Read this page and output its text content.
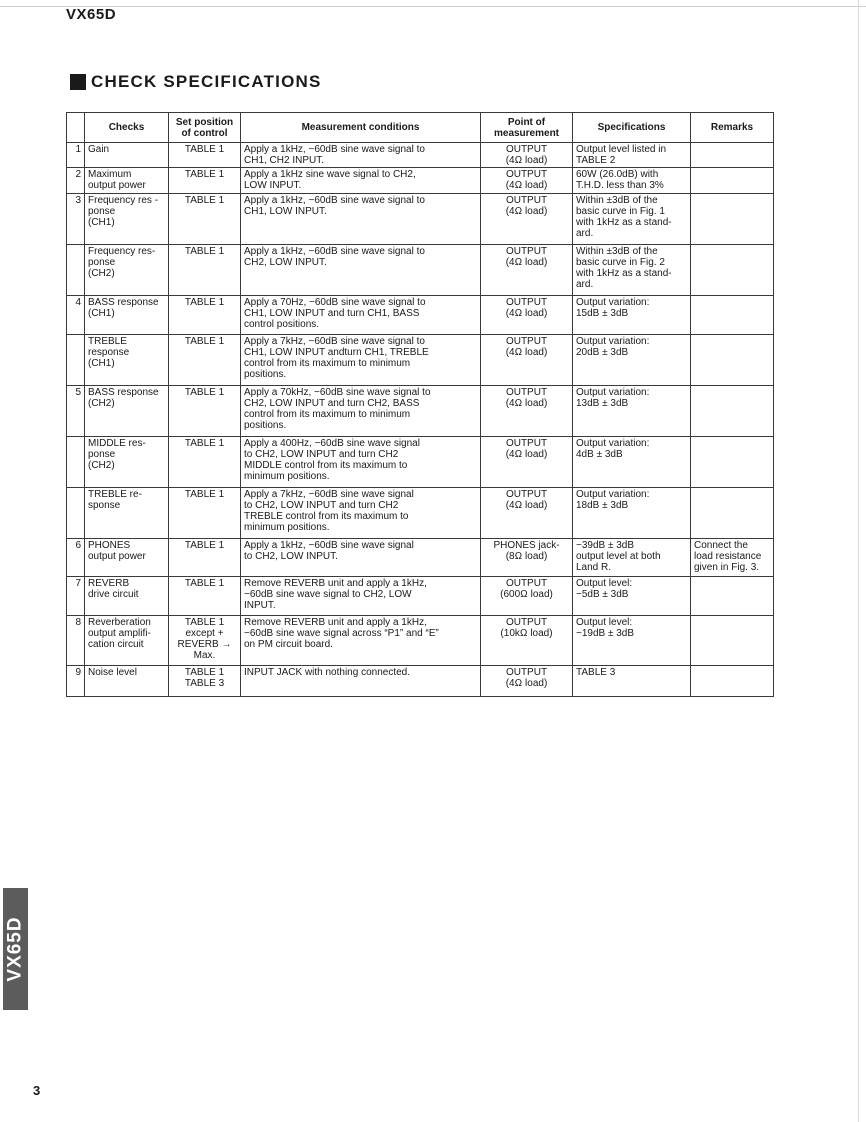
VX65D
CHECK SPECIFICATIONS
	Checks	Set position of control	Measurement conditions	Point of measurement	Specifications	Remarks
1	Gain	TABLE 1	Apply a 1kHz, −60dB sine wave signal to
CH1, CH2 INPUT.	OUTPUT
(4Ω load)	Output level listed in
TABLE 2	

2	Maximum
output power	TABLE 1	Apply a 1kHz sine wave signal to CH2,
LOW INPUT.	OUTPUT
(4Ω load)	60W (26.0dB) with
T.H.D. less than 3%	

3	Frequency res -
ponse
(CH1)	TABLE 1	Apply a 1kHz, −60dB sine wave signal to
CH1, LOW INPUT.	OUTPUT
(4Ω load)	Within ±3dB of the
basic curve in Fig. 1
with 1kHz as a stand-
ard.	

	Frequency res-
ponse
(CH2)	TABLE 1	Apply a 1kHz, −60dB sine wave signal to
CH2, LOW INPUT.	OUTPUT
(4Ω load)	Within ±3dB of the
basic curve in Fig. 2
with 1kHz as a stand-
ard.	

4	BASS response
(CH1)	TABLE 1	Apply a 70Hz, −60dB sine wave signal to
CH1, LOW INPUT and turn CH1, BASS
control positions.	OUTPUT
(4Ω load)	Output variation:
15dB ± 3dB	

	TREBLE
response
(CH1)	TABLE 1	Apply a 7kHz, −60dB sine wave signal to
CH1, LOW INPUT andturn CH1, TREBLE
control from its maximum to minimum
positions.	OUTPUT
(4Ω load)	Output variation:
20dB ± 3dB	

5	BASS response
(CH2)	TABLE 1	Apply a 70kHz, −60dB sine wave signal to
CH2, LOW INPUT and turn CH2, BASS
control from its maximum to minimum
positions.	OUTPUT
(4Ω load)	Output variation:
13dB ± 3dB	

	MIDDLE res-
ponse
(CH2)	TABLE 1	Apply a 400Hz, −60dB sine wave signal
to CH2, LOW INPUT and turn CH2
MIDDLE control from its maximum to
minimum positions.	OUTPUT
(4Ω load)	Output variation:
4dB ± 3dB	

	TREBLE re-
sponse	TABLE 1	Apply a 7kHz, −60dB sine wave signal
to CH2, LOW INPUT and turn CH2
TREBLE control from its maximum to
minimum positions.	OUTPUT
(4Ω load)	Output variation:
18dB ± 3dB	

6	PHONES
output power	TABLE 1	Apply a 1kHz, −60dB sine wave signal
to CH2, LOW INPUT.	PHONES jack-
(8Ω load)	−39dB ± 3dB
output level at both
Land R.	Connect the
load resistance
given in Fig. 3.

7	REVERB
drive circuit	TABLE 1	Remove REVERB unit and apply a 1kHz,
−60dB sine wave signal to CH2, LOW
INPUT.	OUTPUT
(600Ω load)	Output level:
−5dB ± 3dB	

8	Reverberation
output amplifi-
cation circuit	TABLE 1
except +
REVERB →
Max.	Remove REVERB unit and apply a 1kHz,
−60dB sine wave signal across “P1” and “E”
on PM circuit board.	OUTPUT
(10kΩ load)	Output level:
−19dB ± 3dB	

9	Noise level	TABLE 1
TABLE 3	INPUT JACK with nothing connected.	OUTPUT
(4Ω load)	TABLE 3	

VX65D
3
